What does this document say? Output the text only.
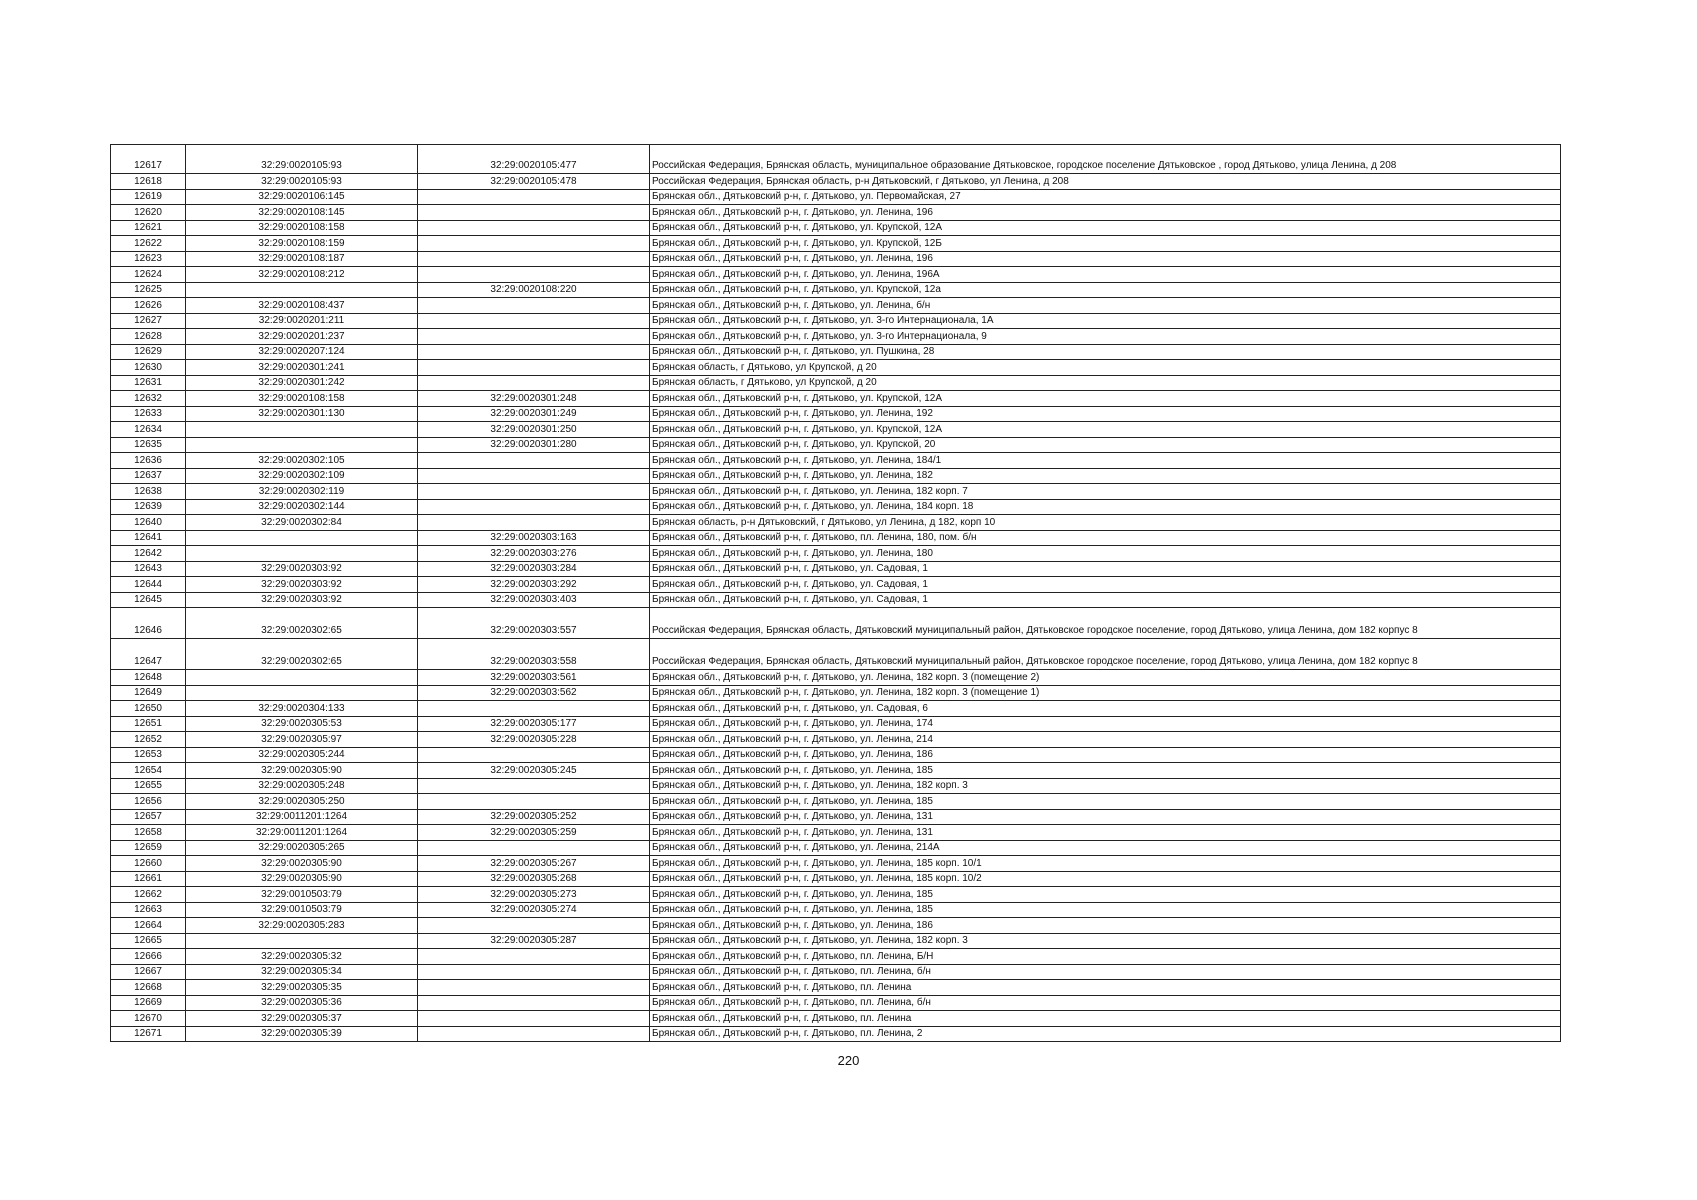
12617	32:29:0020105:93	32:29:0020105:477	Российская Федерация, Брянская область, муниципальное образование Дятьковское, городское поселение Дятьковское , город Дятьково, улица Ленина, д 208
12618	32:29:0020105:93	32:29:0020105:478	Российская Федерация, Брянская область, р-н Дятьковский, г Дятьково, ул Ленина, д 208
12619	32:29:0020106:145		Брянская обл., Дятьковский р-н, г. Дятьково, ул. Первомайская, 27
12620	32:29:0020108:145		Брянская обл., Дятьковский р-н, г. Дятьково, ул. Ленина, 196
12621	32:29:0020108:158		Брянская обл., Дятьковский р-н, г. Дятьково, ул. Крупской, 12А
12622	32:29:0020108:159		Брянская обл., Дятьковский р-н, г. Дятьково, ул. Крупской, 12Б
12623	32:29:0020108:187		Брянская обл., Дятьковский р-н, г. Дятьково, ул. Ленина, 196
12624	32:29:0020108:212		Брянская обл., Дятьковский р-н, г. Дятьково, ул. Ленина, 196А
12625		32:29:0020108:220	Брянская обл., Дятьковский р-н, г. Дятьково, ул. Крупской, 12а
12626	32:29:0020108:437		Брянская обл., Дятьковский р-н, г. Дятьково, ул. Ленина, б/н
12627	32:29:0020201:211		Брянская обл., Дятьковский р-н, г. Дятьково, ул. 3-го Интернационала, 1А
12628	32:29:0020201:237		Брянская обл., Дятьковский р-н, г. Дятьково, ул. 3-го Интернационала, 9
12629	32:29:0020207:124		Брянская обл., Дятьковский р-н, г. Дятьково, ул. Пушкина, 28
12630	32:29:0020301:241		Брянская область, г Дятьково, ул Крупской, д 20
12631	32:29:0020301:242		Брянская область, г Дятьково, ул Крупской, д 20
12632	32:29:0020108:158	32:29:0020301:248	Брянская обл., Дятьковский р-н, г. Дятьково, ул. Крупской, 12А
12633	32:29:0020301:130	32:29:0020301:249	Брянская обл., Дятьковский р-н, г. Дятьково, ул. Ленина, 192
12634		32:29:0020301:250	Брянская обл., Дятьковский р-н, г. Дятьково, ул. Крупской, 12А
12635		32:29:0020301:280	Брянская обл., Дятьковский р-н, г. Дятьково, ул. Крупской, 20
12636	32:29:0020302:105		Брянская обл., Дятьковский р-н, г. Дятьково, ул. Ленина, 184/1
12637	32:29:0020302:109		Брянская обл., Дятьковский р-н, г. Дятьково, ул. Ленина, 182
12638	32:29:0020302:119		Брянская обл., Дятьковский р-н, г. Дятьково, ул. Ленина, 182 корп. 7
12639	32:29:0020302:144		Брянская обл., Дятьковский р-н, г. Дятьково, ул. Ленина, 184 корп. 18
12640	32:29:0020302:84		Брянская область, р-н Дятьковский, г Дятьково, ул Ленина, д 182, корп 10
12641		32:29:0020303:163	Брянская обл., Дятьковский р-н, г. Дятьково, пл. Ленина, 180, пом. б/н
12642		32:29:0020303:276	Брянская обл., Дятьковский р-н, г. Дятьково, ул. Ленина, 180
12643	32:29:0020303:92	32:29:0020303:284	Брянская обл., Дятьковский р-н, г. Дятьково, ул. Садовая, 1
12644	32:29:0020303:92	32:29:0020303:292	Брянская обл., Дятьковский р-н, г. Дятьково, ул. Садовая, 1
12645	32:29:0020303:92	32:29:0020303:403	Брянская обл., Дятьковский р-н, г. Дятьково, ул. Садовая, 1
12646	32:29:0020302:65	32:29:0020303:557	Российская Федерация, Брянская область, Дятьковский муниципальный район, Дятьковское городское поселение, город Дятьково, улица Ленина, дом 182 корпус 8
12647	32:29:0020302:65	32:29:0020303:558	Российская Федерация, Брянская область, Дятьковский муниципальный район, Дятьковское городское поселение, город Дятьково, улица Ленина, дом 182 корпус 8
12648		32:29:0020303:561	Брянская обл., Дятьковский р-н, г. Дятьково, ул. Ленина, 182 корп. 3 (помещение 2)
12649		32:29:0020303:562	Брянская обл., Дятьковский р-н, г. Дятьково, ул. Ленина, 182 корп. 3 (помещение 1)
12650	32:29:0020304:133		Брянская обл., Дятьковский р-н, г. Дятьково, ул. Садовая, 6
12651	32:29:0020305:53	32:29:0020305:177	Брянская обл., Дятьковский р-н, г. Дятьково, ул. Ленина, 174
12652	32:29:0020305:97	32:29:0020305:228	Брянская обл., Дятьковский р-н, г. Дятьково, ул. Ленина, 214
12653	32:29:0020305:244		Брянская обл., Дятьковский р-н, г. Дятьково, ул. Ленина, 186
12654	32:29:0020305:90	32:29:0020305:245	Брянская обл., Дятьковский р-н, г. Дятьково, ул. Ленина, 185
12655	32:29:0020305:248		Брянская обл., Дятьковский р-н, г. Дятьково, ул. Ленина, 182 корп. 3
12656	32:29:0020305:250		Брянская обл., Дятьковский р-н, г. Дятьково, ул. Ленина, 185
12657	32:29:0011201:1264	32:29:0020305:252	Брянская обл., Дятьковский р-н, г. Дятьково, ул. Ленина, 131
12658	32:29:0011201:1264	32:29:0020305:259	Брянская обл., Дятьковский р-н, г. Дятьково, ул. Ленина, 131
12659	32:29:0020305:265		Брянская обл., Дятьковский р-н, г. Дятьково, ул. Ленина, 214А
12660	32:29:0020305:90	32:29:0020305:267	Брянская обл., Дятьковский р-н, г. Дятьково, ул. Ленина, 185 корп. 10/1
12661	32:29:0020305:90	32:29:0020305:268	Брянская обл., Дятьковский р-н, г. Дятьково, ул. Ленина, 185 корп. 10/2
12662	32:29:0010503:79	32:29:0020305:273	Брянская обл., Дятьковский р-н, г. Дятьково, ул. Ленина, 185
12663	32:29:0010503:79	32:29:0020305:274	Брянская обл., Дятьковский р-н, г. Дятьково, ул. Ленина, 185
12664	32:29:0020305:283		Брянская обл., Дятьковский р-н, г. Дятьково, ул. Ленина, 186
12665		32:29:0020305:287	Брянская обл., Дятьковский р-н, г. Дятьково, ул. Ленина, 182 корп. 3
12666	32:29:0020305:32		Брянская обл., Дятьковский р-н, г. Дятьково, пл. Ленина, Б/Н
12667	32:29:0020305:34		Брянская обл., Дятьковский р-н, г. Дятьково, пл. Ленина, б/н
12668	32:29:0020305:35		Брянская обл., Дятьковский р-н, г. Дятьково, пл. Ленина
12669	32:29:0020305:36		Брянская обл., Дятьковский р-н, г. Дятьково, пл. Ленина, б/н
12670	32:29:0020305:37		Брянская обл., Дятьковский р-н, г. Дятьково, пл. Ленина
12671	32:29:0020305:39		Брянская обл., Дятьковский р-н, г. Дятьково, пл. Ленина, 2
220
